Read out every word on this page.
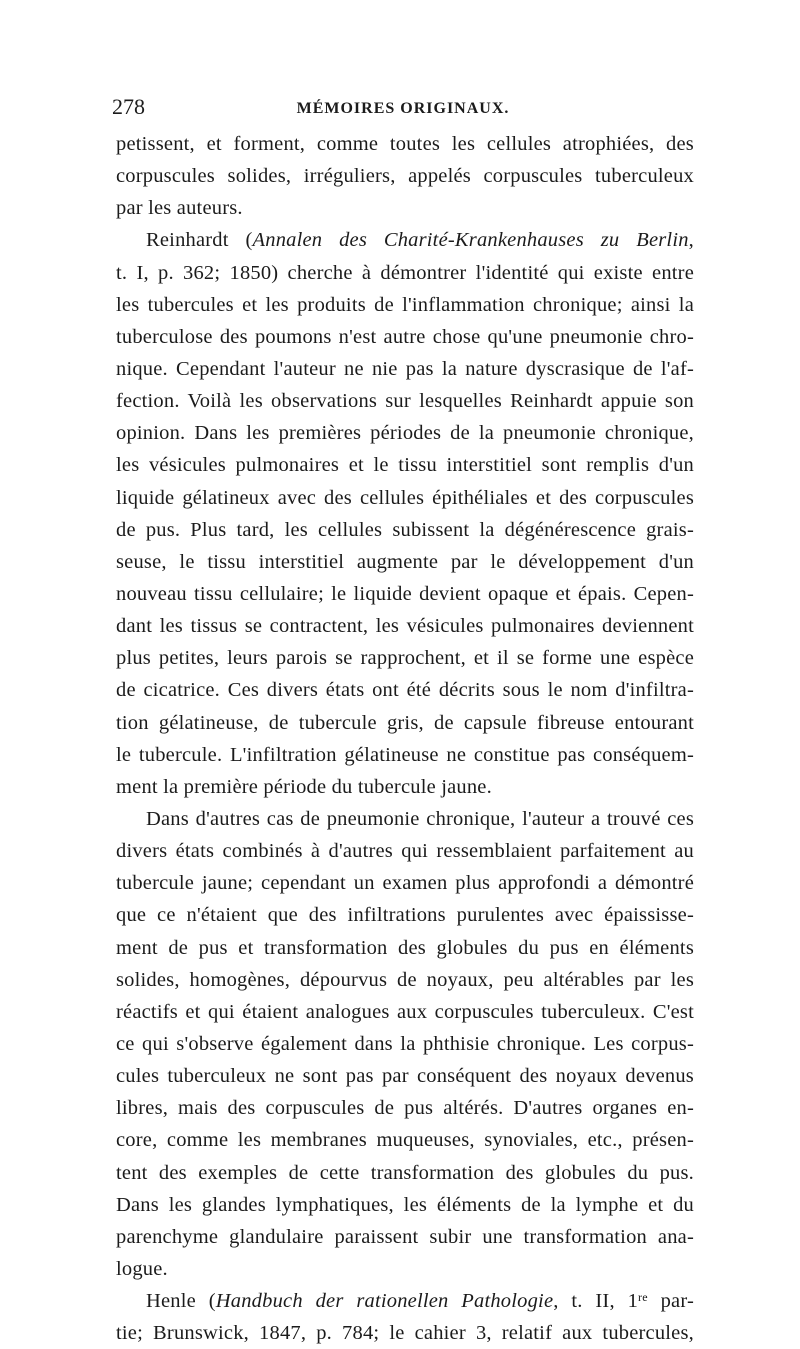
278	MÉMOIRES ORIGINAUX.
petissent, et forment, comme toutes les cellules atrophiées, des
corpuscules solides, irréguliers, appelés corpuscules tuberculeux
par les auteurs.
Reinhardt (Annalen des Charité-Krankenhauses zu Berlin,
t. I, p. 362; 1850) cherche à démontrer l'identité qui existe entre
les tubercules et les produits de l'inflammation chronique; ainsi la
tuberculose des poumons n'est autre chose qu'une pneumonie chro-
nique. Cependant l'auteur ne nie pas la nature dyscrasique de l'af-
fection. Voilà les observations sur lesquelles Reinhardt appuie son
opinion. Dans les premières périodes de la pneumonie chronique,
les vésicules pulmonaires et le tissu interstitiel sont remplis d'un
liquide gélatineux avec des cellules épithéliales et des corpuscules
de pus. Plus tard, les cellules subissent la dégénérescence grais-
seuse, le tissu interstitiel augmente par le développement d'un
nouveau tissu cellulaire; le liquide devient opaque et épais. Cepen-
dant les tissus se contractent, les vésicules pulmonaires deviennent
plus petites, leurs parois se rapprochent, et il se forme une espèce
de cicatrice. Ces divers états ont été décrits sous le nom d'infiltra-
tion gélatineuse, de tubercule gris, de capsule fibreuse entourant
le tubercule. L'infiltration gélatineuse ne constitue pas conséquem-
ment la première période du tubercule jaune.
Dans d'autres cas de pneumonie chronique, l'auteur a trouvé ces
divers états combinés à d'autres qui ressemblaient parfaitement au
tubercule jaune; cependant un examen plus approfondi a démontré
que ce n'étaient que des infiltrations purulentes avec épaississe-
ment de pus et transformation des globules du pus en éléments
solides, homogènes, dépourvus de noyaux, peu altérables par les
réactifs et qui étaient analogues aux corpuscules tuberculeux. C'est
ce qui s'observe également dans la phthisie chronique. Les corpus-
cules tuberculeux ne sont pas par conséquent des noyaux devenus
libres, mais des corpuscules de pus altérés. D'autres organes en-
core, comme les membranes muqueuses, synoviales, etc., présen-
tent des exemples de cette transformation des globules du pus.
Dans les glandes lymphatiques, les éléments de la lymphe et du
parenchyme glandulaire paraissent subir une transformation ana-
logue.
Henle (Handbuch der rationellen Pathologie, t. II, 1re par-
tie; Brunswick, 1847, p. 784; le cahier 3, relatif aux tubercules,
